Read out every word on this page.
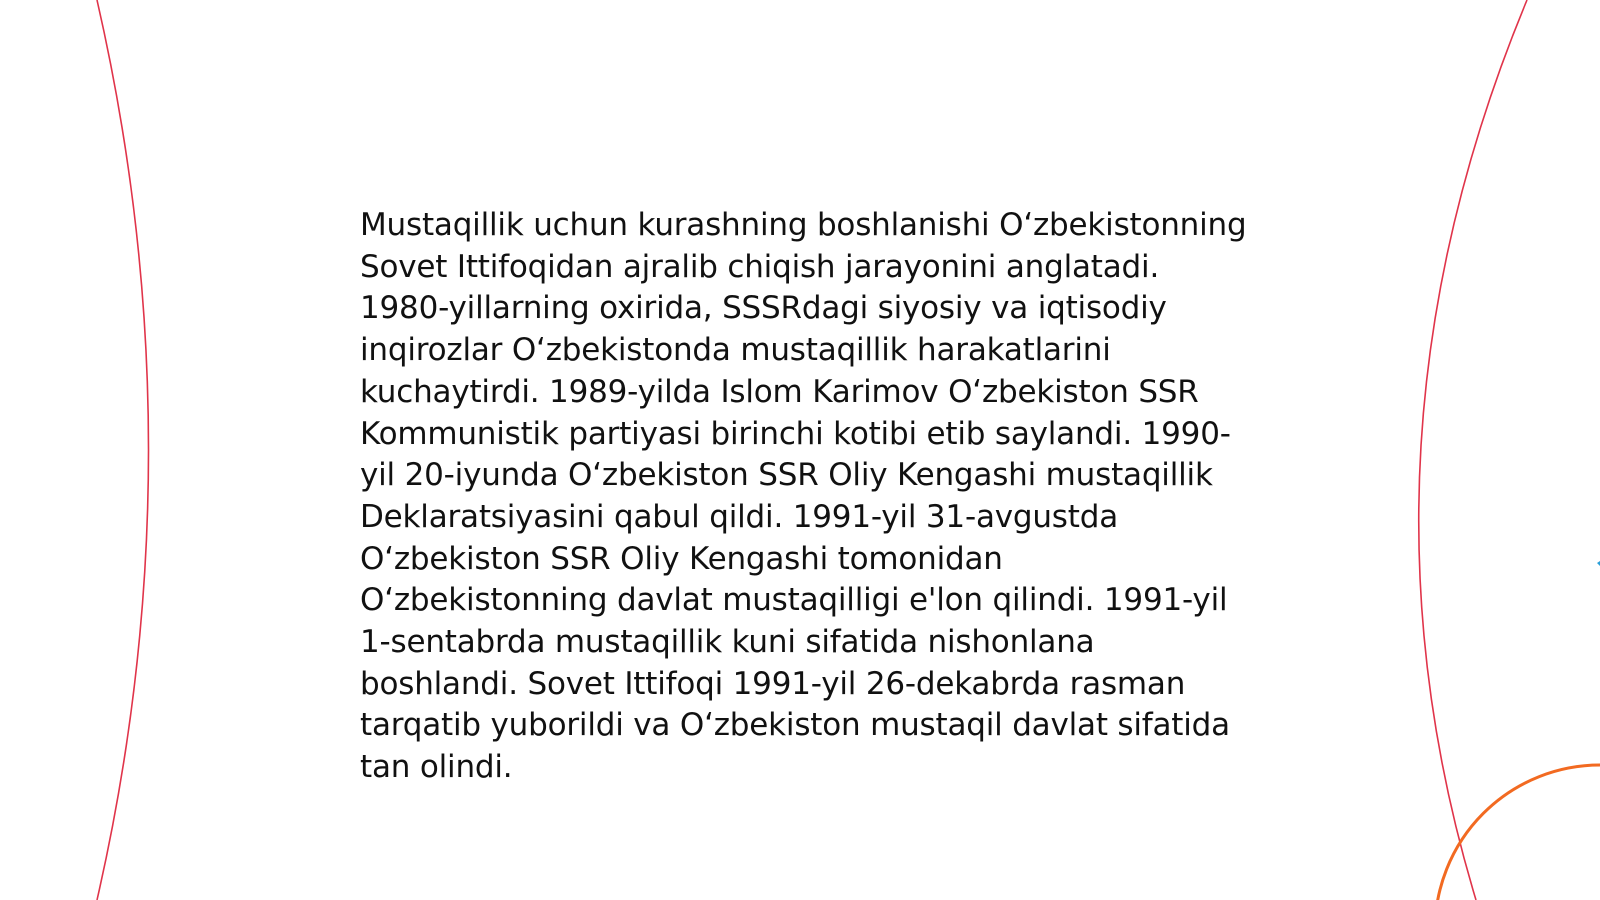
Mustaqillik uchun kurashning boshlanishi O‘zbekistonning Sovet Ittifoqidan ajralib chiqish jarayonini anglatadi. 1980-yillarning oxirida, SSSRdagi siyosiy va iqtisodiy inqirozlar O‘zbekistonda mustaqillik harakatlarini kuchaytirdi. 1989-yilda Islom Karimov O‘zbekiston SSR Kommunistik partiyasi birinchi kotibi etib saylandi. 1990-yil 20-iyunda O‘zbekiston SSR Oliy Kengashi mustaqillik Deklaratsiyasini qabul qildi. 1991-yil 31-avgustda O‘zbekiston SSR Oliy Kengashi tomonidan O‘zbekistonning davlat mustaqilligi e'lon qilindi. 1991-yil 1-sentabrda mustaqillik kuni sifatida nishonlana boshlandi. Sovet Ittifoqi 1991-yil 26-dekabrda rasman tarqatib yuborildi va O‘zbekiston mustaqil davlat sifatida tan olindi.
